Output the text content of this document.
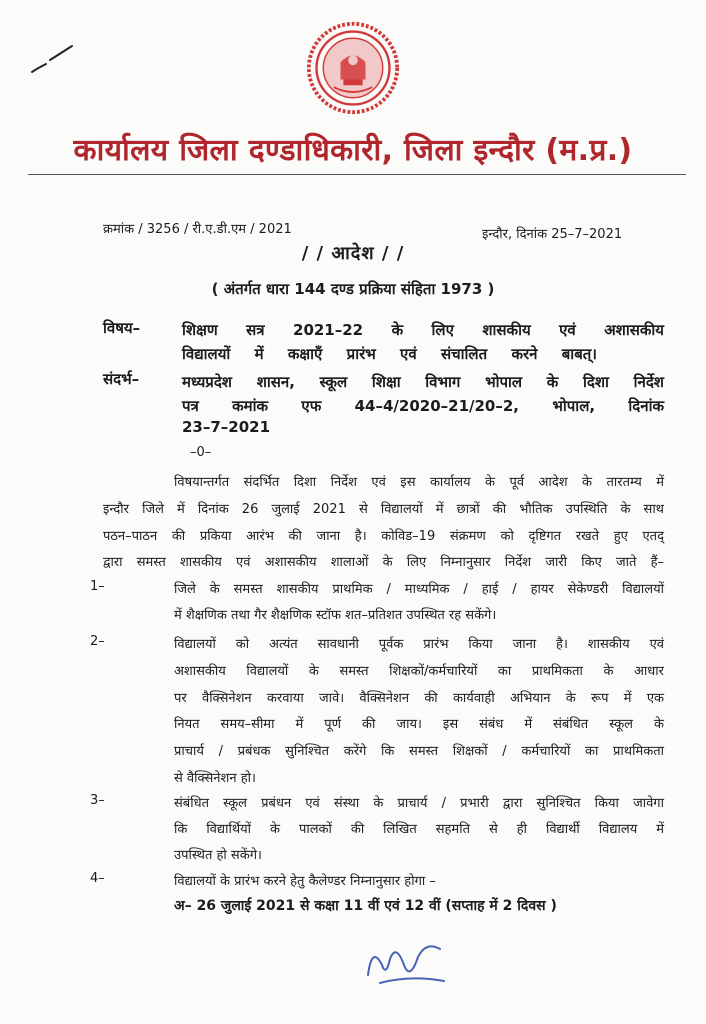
कार्यालय जिला दण्डाधिकारी, जिला इन्दौर (म.प्र.)
क्रमांक / 3256 / री.ए.डी.एम / 2021	इन्दौर, दिनांक 25–7–2021
/ / आदेश / /
( अंतर्गत धारा 144 दण्ड प्रक्रिया संहिता 1973 )
विषय–	शिक्षण सत्र 2021–22 के लिए शासकीय एवं अशासकीय
विद्यालयों में कक्षाएँ प्रारंभ एवं संचालित करने बाबत्।
संदर्भ–	मध्यप्रदेश शासन, स्कूल शिक्षा विभाग भोपाल के दिशा निर्देश
पत्र कमांक एफ 44–4/2020–21/20–2, भोपाल, दिनांक
23–7–2021
–0–
विषयान्तर्गत संदर्भित दिशा निर्देश एवं इस कार्यालय के पूर्व आदेश के तारतम्य में
इन्दौर जिले में दिनांक 26 जुलाई 2021 से विद्यालयों में छात्रों की भौतिक उपस्थिति के साथ
पठन–पाठन की प्रकिया आरंभ की जाना है। कोविड–19 संक्रमण को दृष्टिगत रखते हुए एतद्
द्वारा समस्त शासकीय एवं अशासकीय शालाओं के लिए निम्नानुसार निर्देश जारी किए जाते हैं–
1–	जिले के समस्त शासकीय प्राथमिक / माध्यमिक / हाई / हायर सेकेण्डरी विद्यालयों
में शैक्षणिक तथा गैर शैक्षणिक स्टॉफ शत–प्रतिशत उपस्थित रह सकेंगे।
2–	विद्यालयों को अत्यंत सावधानी पूर्वक प्रारंभ किया जाना है। शासकीय एवं
अशासकीय विद्यालयों के समस्त शिक्षकों/कर्मचारियों का प्राथमिकता के आधार
पर वैक्सिनेशन करवाया जावे। वैक्सिनेशन की कार्यवाही अभियान के रूप में एक
नियत समय–सीमा में पूर्ण की जाय। इस संबंध में संबंधित स्कूल के
प्राचार्य / प्रबंधक सुनिश्चित करेंगे कि समस्त शिक्षकों / कर्मचारियों का प्राथमिकता
से वैक्सिनेशन हो।
3–	संबंधित स्कूल प्रबंधन एवं संस्था के प्राचार्य / प्रभारी द्वारा सुनिश्चित किया जावेगा
कि विद्यार्थियों के पालकों की लिखित सहमति से ही विद्यार्थी विद्यालय में
उपस्थित हो सकेंगे।
4–	विद्यालयों के प्रारंभ करने हेतु कैलेण्डर निम्नानुसार होगा –
अ– 26 जुलाई 2021 से कक्षा 11 वीं एवं 12 वीं (सप्ताह में 2 दिवस )
